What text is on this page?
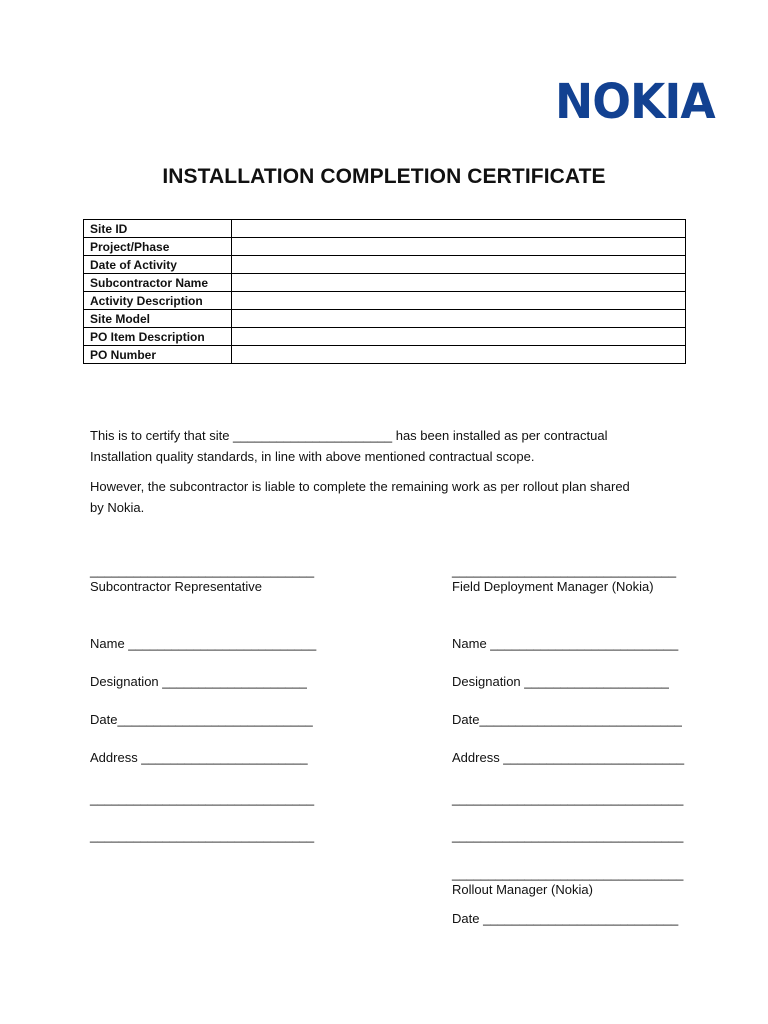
NOKIA
INSTALLATION COMPLETION CERTIFICATE
Site ID	
Project/Phase	
Date of Activity	
Subcontractor Name	
Activity Description	
Site Model	
PO Item Description	
PO Number	
This is to certify that site ______________________ has been installed as per contractual
Installation quality standards, in line with above mentioned contractual scope.
However, the subcontractor is liable to complete the remaining work as per rollout plan shared
by Nokia.
_______________________________
Subcontractor Representative
Name __________________________
Designation ____________________
Date___________________________
Address _______________________
_______________________________
_______________________________
_______________________________
Field Deployment Manager (Nokia)
Name __________________________
Designation ____________________
Date____________________________
Address _________________________
________________________________
________________________________
________________________________
Rollout Manager (Nokia)
Date ___________________________
